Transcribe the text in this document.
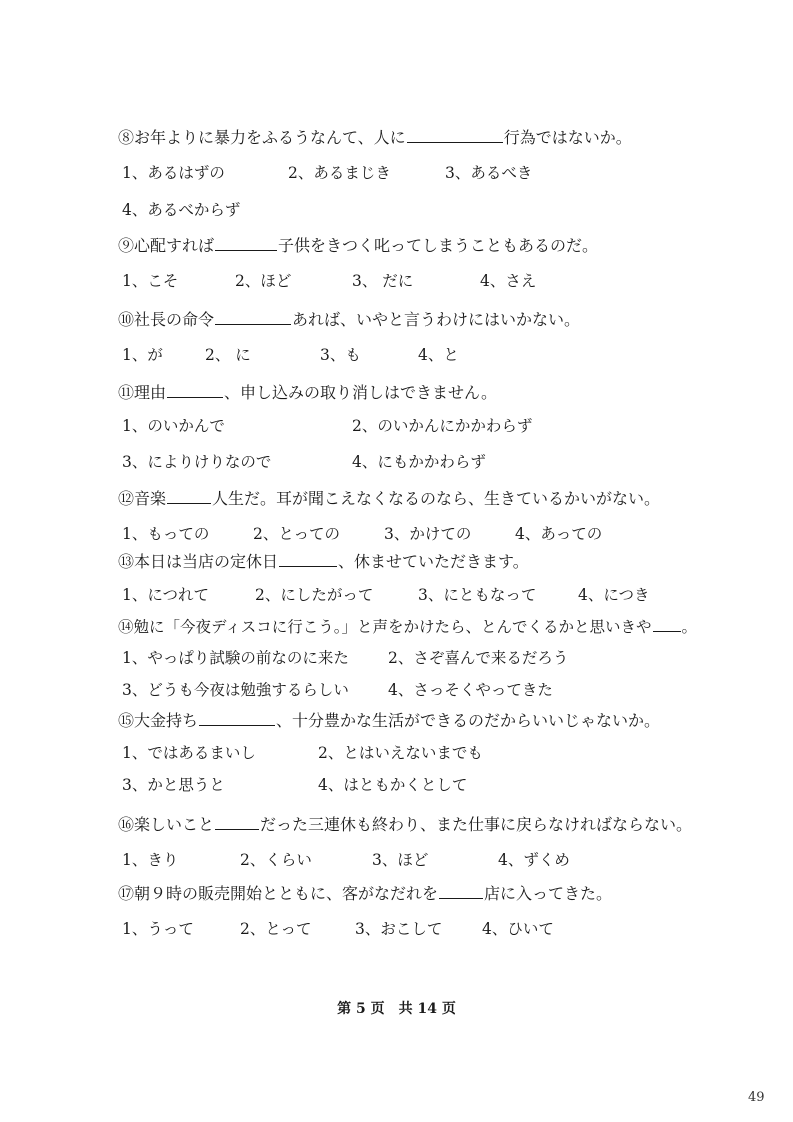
⑧お年よりに暴力をふるうなんて、人に	行為ではないか。
1、あるはずの	2、あるまじき	3、あるべき
4、あるべからず
⑨心配すれば	子供をきつく叱ってしまうこともあるのだ。
1、こそ	2、ほど	3、 だに	4、さえ
⑩社長の命令	あれば、いやと言うわけにはいかない。
1、が	2、 に	3、も	4、と
⑪理由	、申し込みの取り消しはできません。
1、のいかんで	2、のいかんにかかわらず
3、によりけりなので	4、にもかかわらず
⑫音楽	人生だ。耳が聞こえなくなるのなら、生きているかいがない。
1、もっての	2、とっての	3、かけての	4、あっての
⑬本日は当店の定休日	、休ませていただきます。
1、につれて	2、にしたがって	3、にともなって	4、につき
⑭勉に「今夜ディスコに行こう。」と声をかけたら、とんでくるかと思いきや 。
1、やっぱり試験の前なのに来た	2、さぞ喜んで来るだろう
3、どうも今夜は勉強するらしい	4、さっそくやってきた
⑮大金持ち	、十分豊かな生活ができるのだからいいじゃないか。
1、ではあるまいし	2、とはいえないまでも
3、かと思うと	4、はともかくとして
⑯楽しいこと	だった三連休も終わり、また仕事に戻らなければならない。
1、きり	2、くらい	3、ほど	4、ずくめ
⑰朝９時の販売開始とともに、客がなだれを	店に入ってきた。
1、うって	2、とって	3、おこして	4、ひいて
第 5 页　共 14 页
49
